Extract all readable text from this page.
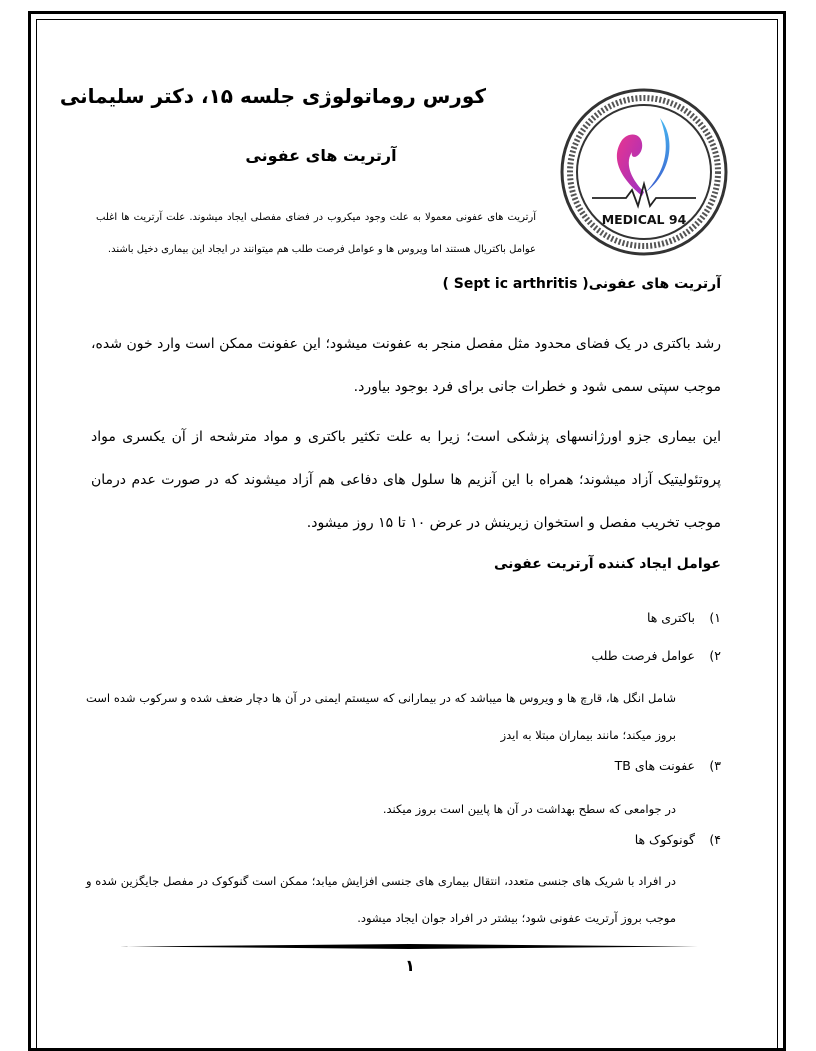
کورس روماتولوژی جلسه ۱۵، دکتر سلیمانی
آرتریت های عفونی
آرتریت های عفونی معمولا به علت وجود میکروب در فضای مفصلی ایجاد میشوند. علت آرتریت ها اغلب عوامل باکتریال هستند اما ویروس ها و عوامل فرصت طلب هم میتوانند در ایجاد این بیماری دخیل باشند.
MEDICAL 94
آرتریت های عفونی( Sept ic arthritis )
رشد باکتری در یک فضای محدود مثل مفصل منجر به عفونت میشود؛ این عفونت ممکن است وارد خون شده، موجب سپتی سمی شود و خطرات جانی برای فرد بوجود بیاورد.
این بیماری جزو اورژانسهای پزشکی است؛ زیرا به علت تکثیر باکتری و مواد مترشحه از آن یکسری مواد پروتئولیتیک آزاد میشوند؛ همراه با این آنزیم ها سلول های دفاعی هم آزاد میشوند که در صورت عدم درمان موجب تخریب مفصل و استخوان زیرینش در عرض ۱۰ تا ۱۵ روز میشود.
عوامل ایجاد کننده آرتریت عفونی
۱) باکتری ها
۲) عوامل فرصت طلب
شامل انگل ها، قارچ ها و ویروس ها میباشد که در بیمارانی که سیستم ایمنی در آن ها دچار ضعف شده و سرکوب شده است بروز میکند؛ مانند بیماران مبتلا به ایدز
۳) عفونت های TB
در جوامعی که سطح بهداشت در آن ها پایین است بروز میکند.
۴) گونوکوک ها
در افراد با شریک های جنسی متعدد، انتقال بیماری های جنسی افزایش میابد؛ ممکن است گنوکوک در مفصل جایگزین شده و موجب بروز آرتریت عفونی شود؛ بیشتر در افراد جوان ایجاد میشود.
۱
